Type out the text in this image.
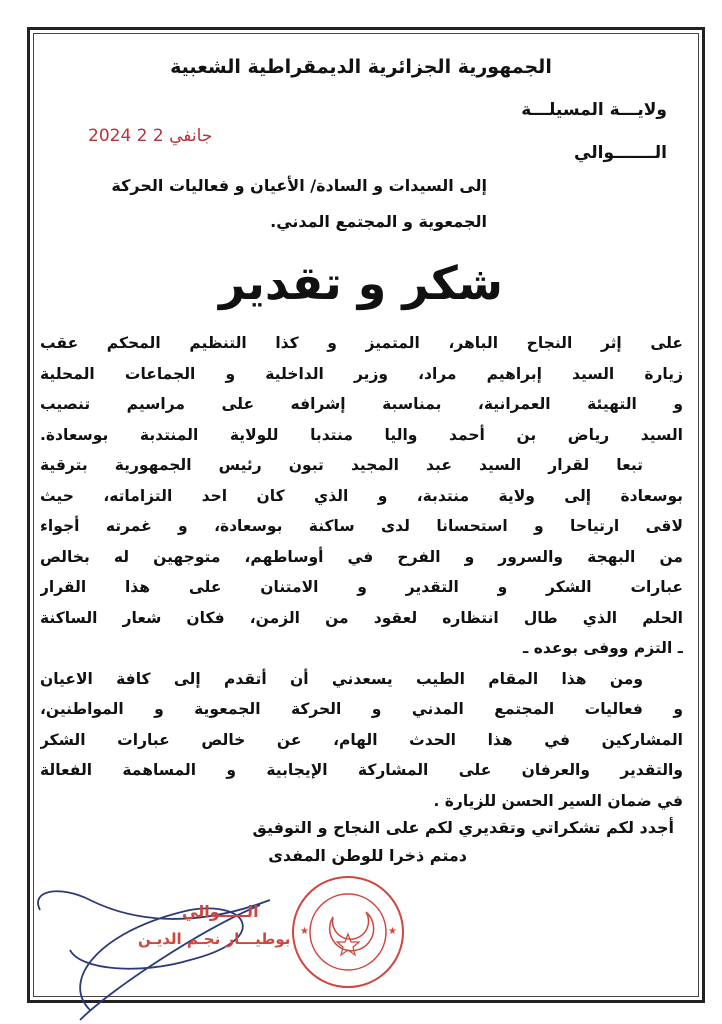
الجمهورية الجزائرية الديمقراطية الشعبية
ولايـــة المسيلـــة
2024 جانفي 2 2
الـــــــوالي
إلى السيدات و السادة/ الأعيان و فعاليات الحركة
الجمعوية و المجتمع المدني.
شكر و تقدير
على إثر النجاح الباهر، المتميز و كذا التنظيم المحكم عقب
زيارة السيد إبراهيم مراد، وزير الداخلية و الجماعات المحلية
و التهيئة العمرانية، بمناسبة إشرافه على مراسيم تنصيب
السيد رياض بن أحمد واليا منتدبا للولاية المنتدبة بوسعادة.
تبعا لقرار السيد عبد المجيد تبون رئيس الجمهورية بترقية
بوسعادة إلى ولاية منتدبة، و الذي كان احد التزاماته، حيث
لاقى ارتياحا و استحسانا لدى ساكنة بوسعادة، و غمرته أجواء
من البهجة والسرور و الفرح في أوساطهم، متوجهين له بخالص
عبارات الشكر و التقدير و الامتنان على هذا القرار
الحلم الذي طال انتظاره لعقود من الزمن، فكان شعار الساكنة
ـ التزم ووفى بوعده ـ
ومن هذا المقام الطيب يسعدني أن أتقدم إلى كافة الاعيان
و فعاليات المجتمع المدني و الحركة الجمعوية و المواطنين،
المشاركين في هذا الحدث الهام، عن خالص عبارات الشكر
والتقدير والعرفان على المشاركة الإيجابية و المساهمة الفعالة
في ضمان السير الحسن للزيارة .
أجدد لكم تشكراتي وتقديري لكم على النجاح و التوفيق
دمتم ذخرا للوطن المفدى
★	★
الـــــوالي
بوطيـــار نجـم الديـن
